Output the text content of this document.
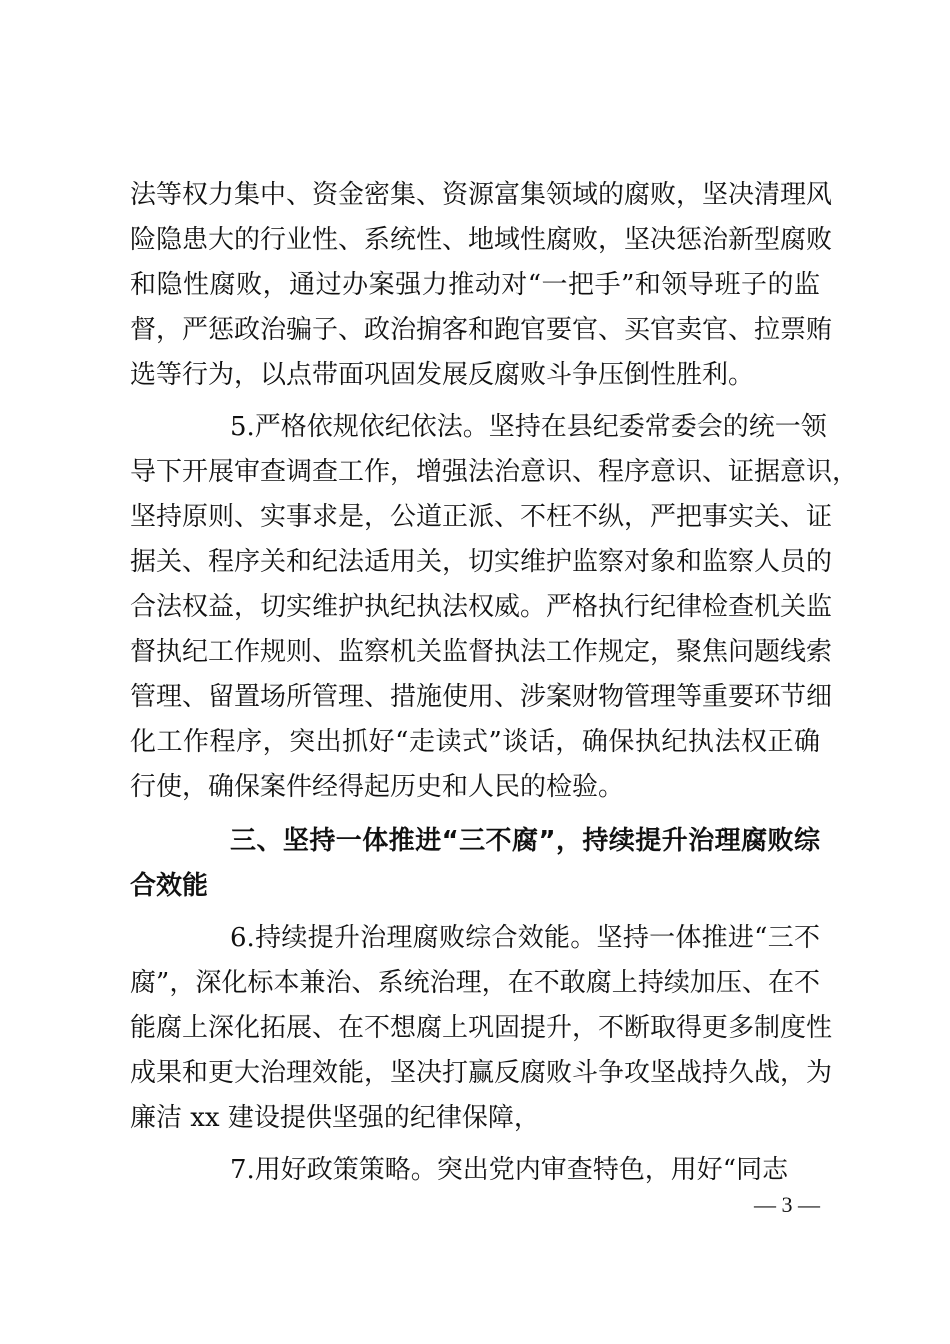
法等权力集中、资金密集、资源富集领域的腐败，坚决清理风
险隐患大的行业性、系统性、地域性腐败，坚决惩治新型腐败
和隐性腐败，通过办案强力推动对“一把手”和领导班子的监
督，严惩政治骗子、政治掮客和跑官要官、买官卖官、拉票贿
选等行为，以点带面巩固发展反腐败斗争压倒性胜利。
5.严格依规依纪依法。坚持在县纪委常委会的统一领
导下开展审查调查工作，增强法治意识、程序意识、证据意识，
坚持原则、实事求是，公道正派、不枉不纵，严把事实关、证
据关、程序关和纪法适用关，切实维护监察对象和监察人员的
合法权益，切实维护执纪执法权威。严格执行纪律检查机关监
督执纪工作规则、监察机关监督执法工作规定，聚焦问题线索
管理、留置场所管理、措施使用、涉案财物管理等重要环节细
化工作程序，突出抓好“走读式”谈话，确保执纪执法权正确
行使，确保案件经得起历史和人民的检验。
三、坚持一体推进“三不腐”，持续提升治理腐败综
合效能
6.持续提升治理腐败综合效能。坚持一体推进“三不
腐”，深化标本兼治、系统治理，在不敢腐上持续加压、在不
能腐上深化拓展、在不想腐上巩固提升，不断取得更多制度性
成果和更大治理效能，坚决打赢反腐败斗争攻坚战持久战，为
廉洁 xx 建设提供坚强的纪律保障，
7.用好政策策略。突出党内审查特色，用好“同志
— 3 —
